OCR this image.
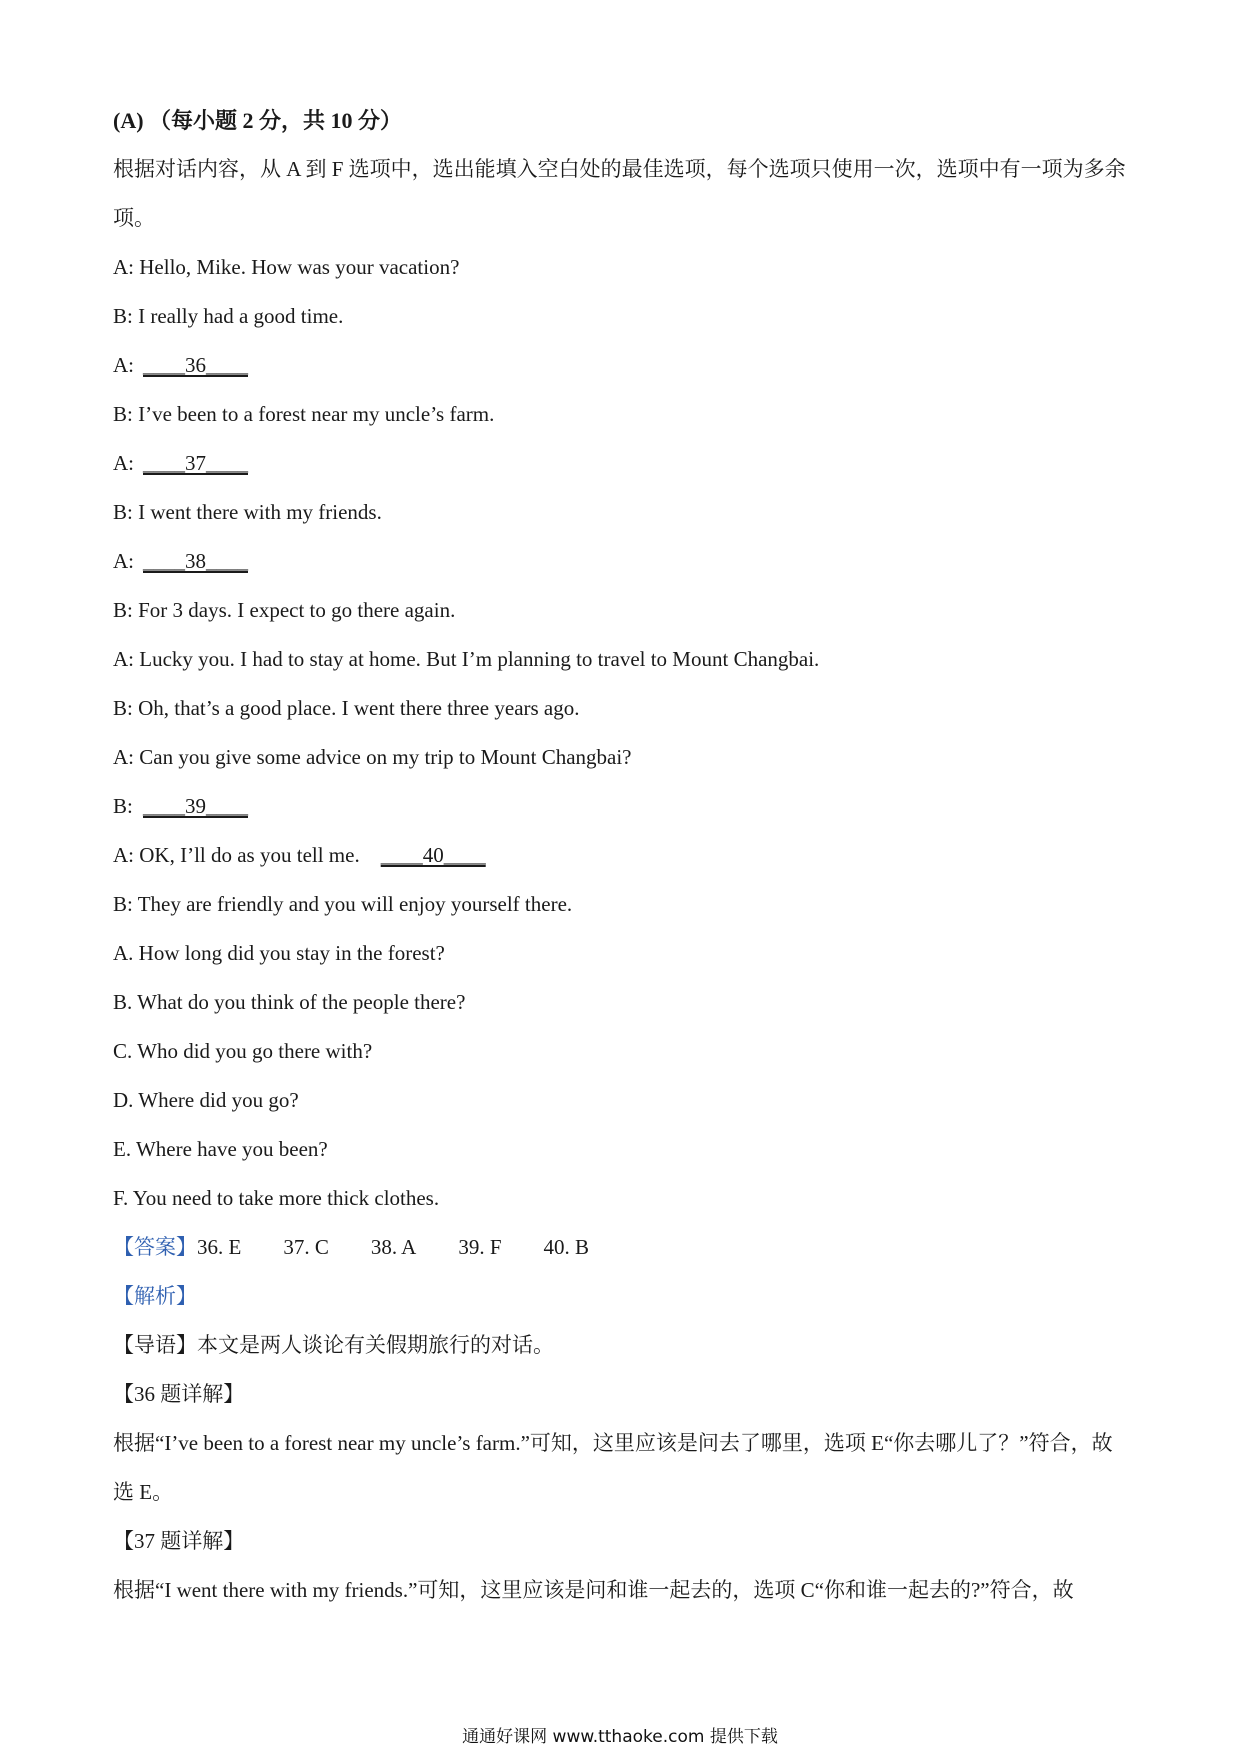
(A) （每小题 2 分，共 10 分）
根据对话内容，从 A 到 F 选项中，选出能填入空白处的最佳选项，每个选项只使用一次，选项中有一项为多余项。
A: Hello, Mike. How was your vacation?
B: I really had a good time.
A: ____36____
B: I’ve been to a forest near my uncle’s farm.
A: ____37____
B: I went there with my friends.
A: ____38____
B: For 3 days. I expect to go there again.
A: Lucky you. I had to stay at home. But I’m planning to travel to Mount Changbai.
B: Oh, that’s a good place. I went there three years ago.
A: Can you give some advice on my trip to Mount Changbai?
B: ____39____
A: OK, I’ll do as you tell me. ____40____
B: They are friendly and you will enjoy yourself there.
A. How long did you stay in the forest?
B. What do you think of the people there?
C. Who did you go there with?
D. Where did you go?
E. Where have you been?
F. You need to take more thick clothes.
【答案】36. E 37. C 38. A 39. F 40. B
【解析】
【导语】本文是两人谈论有关假期旅行的对话。
【36 题详解】
根据“I’ve been to a forest near my uncle’s farm.”可知，这里应该是问去了哪里，选项 E“你去哪儿了？”符合，故选 E。
【37 题详解】
根据“I went there with my friends.”可知，这里应该是问和谁一起去的，选项 C“你和谁一起去的?”符合，故
通通好课网 www.tthaoke.com 提供下载
